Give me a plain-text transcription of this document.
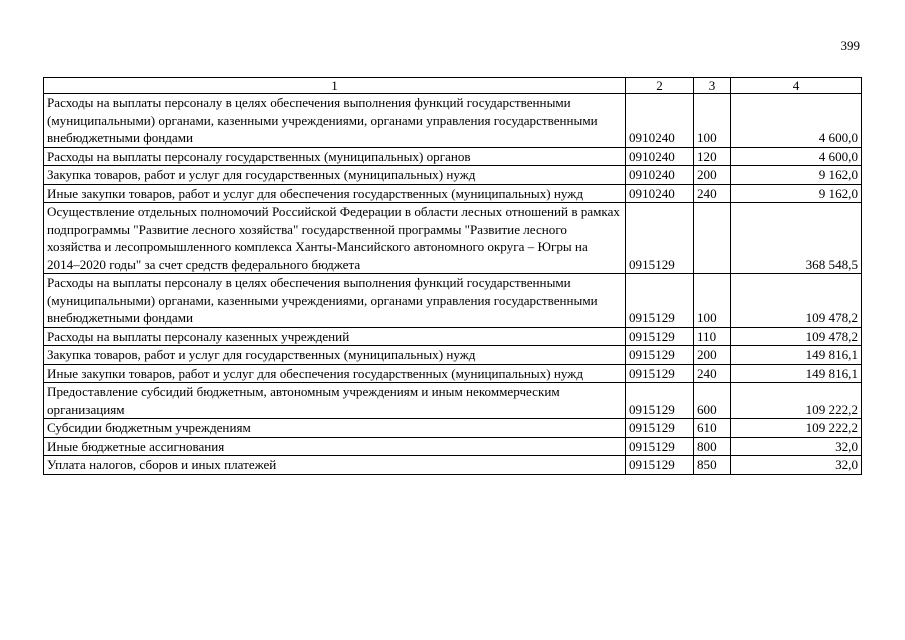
399
1	2	3	4
Расходы на выплаты персоналу в целях обеспечения выполнения функций государственными (муниципальными) органами, казенными учреждениями, органами управления государственными внебюджетными фондами	0910240	100	4 600,0
Расходы на выплаты персоналу государственных (муниципальных) органов	0910240	120	4 600,0
Закупка товаров, работ и услуг для государственных (муниципальных) нужд	0910240	200	9 162,0
Иные закупки товаров, работ и услуг для обеспечения государственных (муниципальных) нужд	0910240	240	9 162,0
Осуществление отдельных полномочий Российской Федерации в области лесных отношений в рамках подпрограммы "Развитие лесного хозяйства" государственной программы "Развитие лесного хозяйства и лесопромышленного комплекса Ханты-Мансийского автономного округа – Югры на 2014–2020 годы" за счет средств федерального бюджета	0915129		368 548,5
Расходы на выплаты персоналу в целях обеспечения выполнения функций государственными (муниципальными) органами, казенными учреждениями, органами управления государственными внебюджетными фондами	0915129	100	109 478,2
Расходы на выплаты персоналу казенных учреждений	0915129	110	109 478,2
Закупка товаров, работ и услуг для государственных (муниципальных) нужд	0915129	200	149 816,1
Иные закупки товаров, работ и услуг для обеспечения государственных (муниципальных) нужд	0915129	240	149 816,1
Предоставление субсидий бюджетным, автономным учреждениям и иным некоммерческим организациям	0915129	600	109 222,2
Субсидии бюджетным учреждениям	0915129	610	109 222,2
Иные бюджетные ассигнования	0915129	800	32,0
Уплата налогов, сборов и иных платежей	0915129	850	32,0
